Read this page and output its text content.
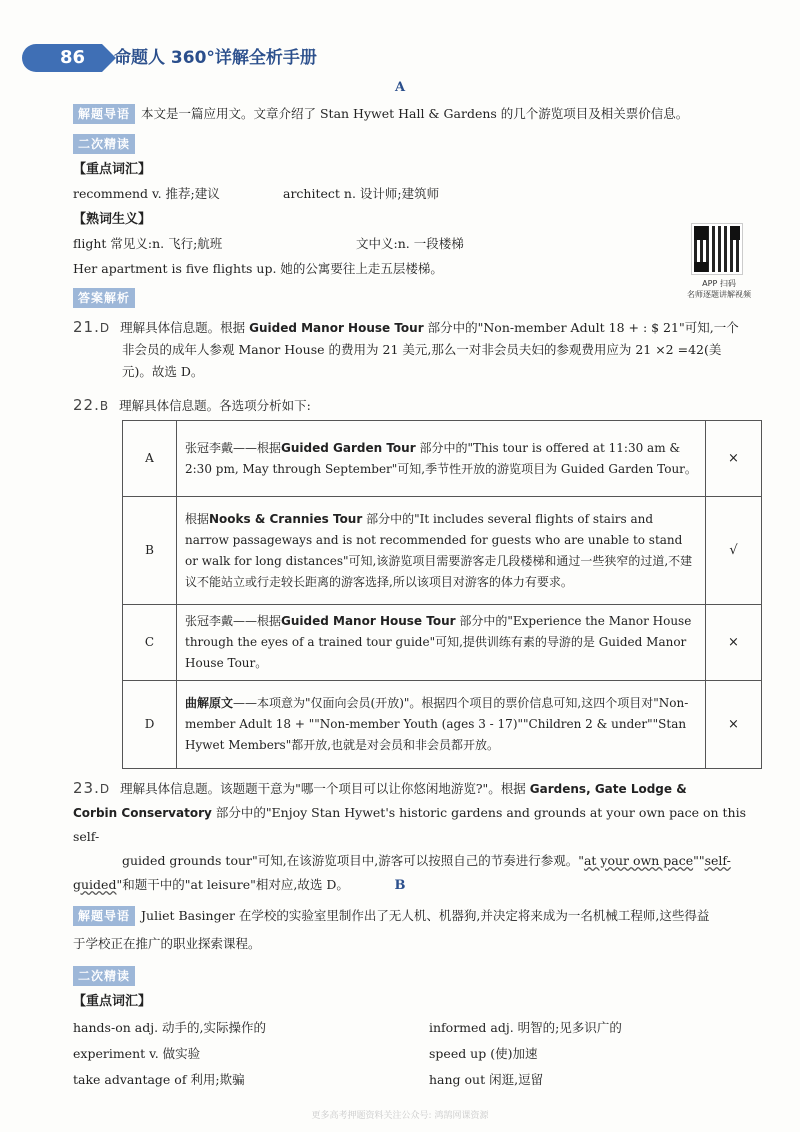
86	命题人 360°详解全析手册
A
解题导语 本文是一篇应用文。文章介绍了 Stan Hywet Hall & Gardens 的几个游览项目及相关票价信息。
二次精读
【重点词汇】
recommend v. 推荐;建议	architect n. 设计师;建筑师
【熟词生义】
flight 常见义:n. 飞行;航班	文中义:n. 一段楼梯
Her apartment is five flights up. 她的公寓要往上走五层楼梯。
答案解析
APP 扫码
名师逐题讲解视频
21.D 理解具体信息题。根据 Guided Manor House Tour 部分中的"Non-member Adult 18 + : $ 21"可知,一个
非会员的成年人参观 Manor House 的费用为 21 美元,那么一对非会员夫妇的参观费用应为 21 ×2 =42(美
元)。故选 D。
22.B 理解具体信息题。各选项分析如下:
A	张冠李戴——根据Guided Garden Tour 部分中的"This tour is offered at 11:30 am & 2:30 pm, May through September"可知,季节性开放的游览项目为 Guided Garden Tour。	×
B	根据Nooks & Crannies Tour 部分中的"It includes several flights of stairs and narrow passageways and is not recommended for guests who are unable to stand or walk for long distances"可知,该游览项目需要游客走几段楼梯和通过一些狭窄的过道,不建议不能站立或行走较长距离的游客选择,所以该项目对游客的体力有要求。	√
C	张冠李戴——根据Guided Manor House Tour 部分中的"Experience the Manor House through the eyes of a trained tour guide"可知,提供训练有素的导游的是 Guided Manor House Tour。	×
D	曲解原文——本项意为"仅面向会员(开放)"。根据四个项目的票价信息可知,这四个项目对"Non-member Adult 18 + ""Non-member Youth (ages 3 - 17)""Children 2 & under""Stan Hywet Members"都开放,也就是对会员和非会员都开放。	×
23.D 理解具体信息题。该题题干意为"哪一个项目可以让你悠闲地游览?"。根据 Gardens, Gate Lodge &
Corbin Conservatory 部分中的"Enjoy Stan Hywet's historic gardens and grounds at your own pace on this self-
guided grounds tour"可知,在该游览项目中,游客可以按照自己的节奏进行参观。"at your own pace""self-
guided"和题干中的"at leisure"相对应,故选 D。	B
解题导语 Juliet Basinger 在学校的实验室里制作出了无人机、机器狗,并决定将来成为一名机械工程师,这些得益
于学校正在推广的职业探索课程。
二次精读
【重点词汇】
hands-on adj. 动手的,实际操作的	informed adj. 明智的;见多识广的
experiment v. 做实验	speed up (使)加速
take advantage of 利用;欺骗	hang out 闲逛,逗留
更多高考押题资料关注公众号: 鸿鹄网课资源
